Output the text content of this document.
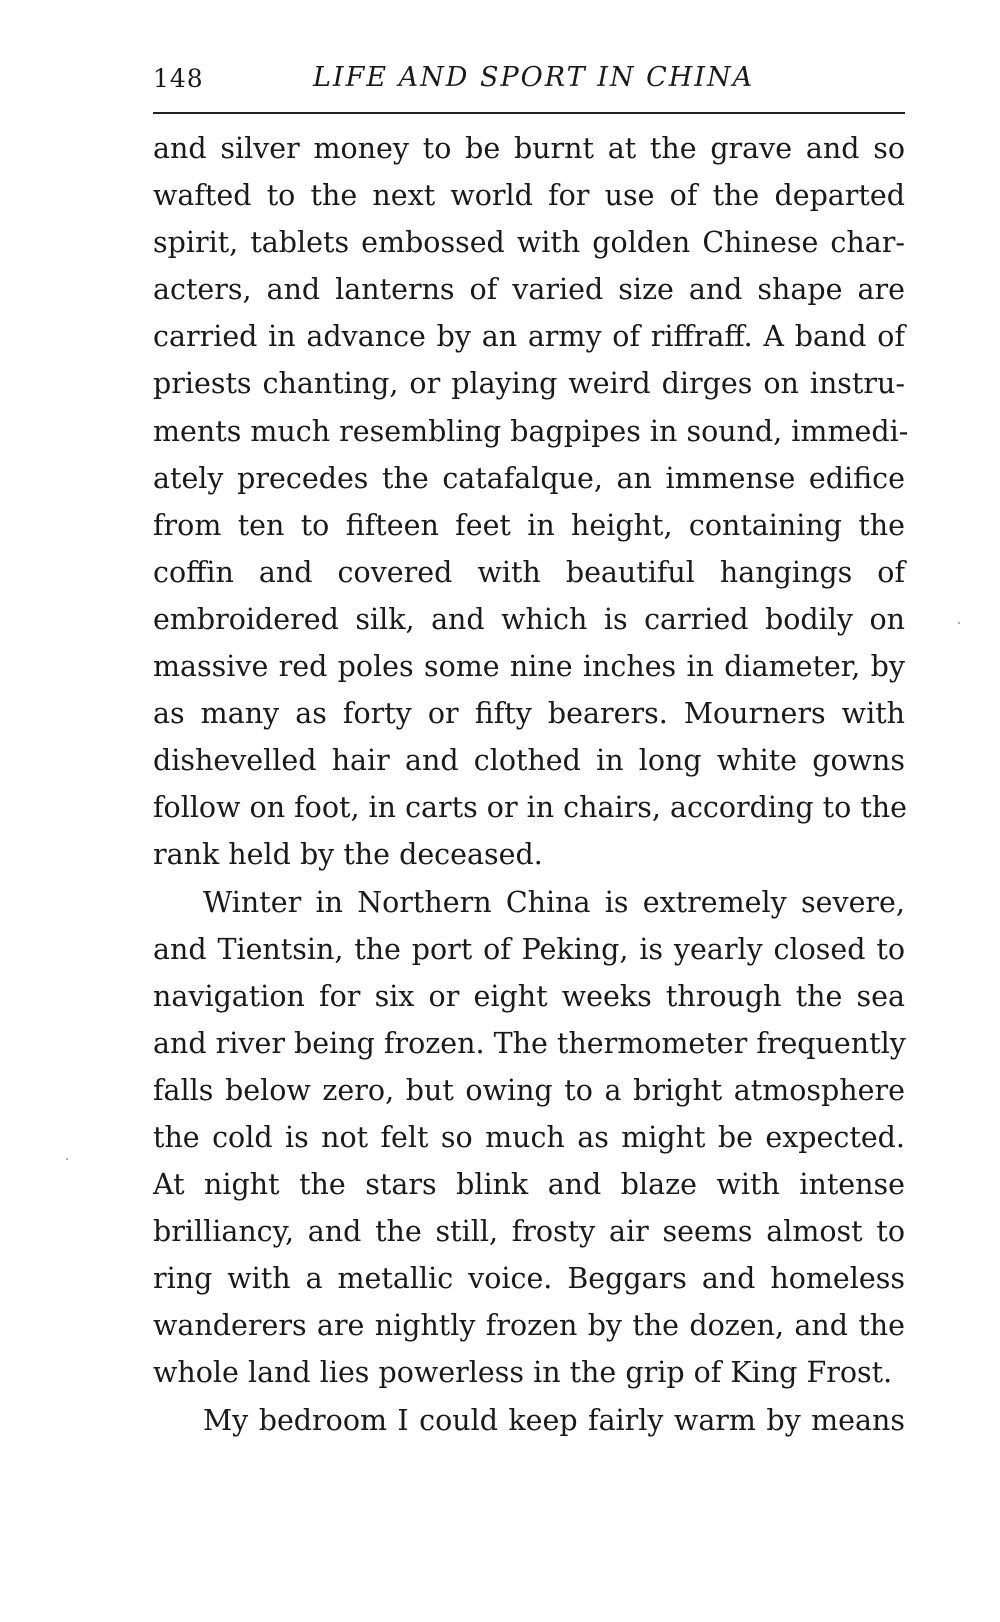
148	LIFE AND SPORT IN CHINA
and silver money to be burnt at the grave and so
wafted to the next world for use of the departed
spirit, tablets embossed with golden Chinese char-
acters, and lanterns of varied size and shape are
carried in advance by an army of riffraff. A band of
priests chanting, or playing weird dirges on instru-
ments much resembling bagpipes in sound, immedi-
ately precedes the catafalque, an immense edifice
from ten to fifteen feet in height, containing the
coffin and covered with beautiful hangings of
embroidered silk, and which is carried bodily on
massive red poles some nine inches in diameter, by
as many as forty or fifty bearers. Mourners with
dishevelled hair and clothed in long white gowns
follow on foot, in carts or in chairs, according to the
rank held by the deceased.
Winter in Northern China is extremely severe,
and Tientsin, the port of Peking, is yearly closed to
navigation for six or eight weeks through the sea
and river being frozen. The thermometer frequently
falls below zero, but owing to a bright atmosphere
the cold is not felt so much as might be expected.
At night the stars blink and blaze with intense
brilliancy, and the still, frosty air seems almost to
ring with a metallic voice. Beggars and homeless
wanderers are nightly frozen by the dozen, and the
whole land lies powerless in the grip of King Frost.
My bedroom I could keep fairly warm by means
